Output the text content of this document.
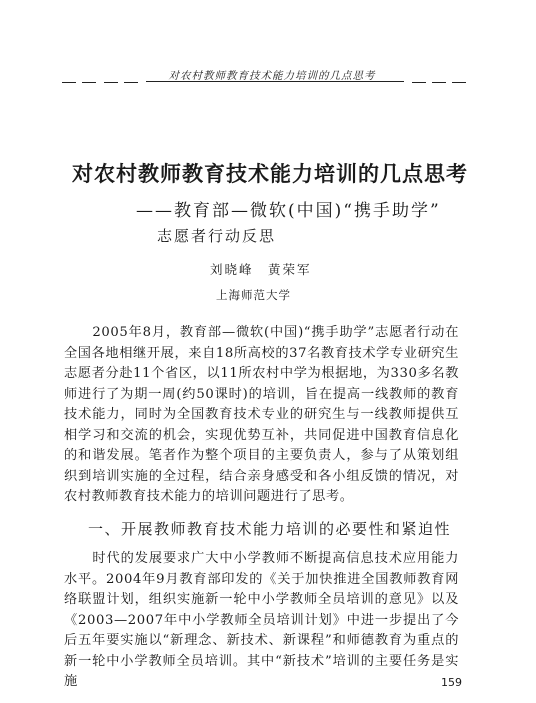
对农村教师教育技术能力培训的几点思考
对农村教师教育技术能力培训的几点思考
——教育部—微软(中国)“携手助学”
志愿者行动反思
刘晓峰　黄荣军
上海师范大学

2005年8月，教育部—微软(中国)“携手助学”志愿者行动在全国各地相继开展，来自18所高校的37名教育技术学专业研究生志愿者分赴11个省区，以11所农村中学为根据地，为330多名教师进行了为期一周(约50课时)的培训，旨在提高一线教师的教育技术能力，同时为全国教育技术专业的研究生与一线教师提供互相学习和交流的机会，实现优势互补，共同促进中国教育信息化的和谐发展。笔者作为整个项目的主要负责人，参与了从策划组织到培训实施的全过程，结合亲身感受和各小组反馈的情况，对农村教师教育技术能力的培训问题进行了思考。

一、开展教师教育技术能力培训的必要性和紧迫性

时代的发展要求广大中小学教师不断提高信息技术应用能力水平。2004年9月教育部印发的《关于加快推进全国教师教育网络联盟计划，组织实施新一轮中小学教师全员培训的意见》以及《2003—2007年中小学教师全员培训计划》中进一步提出了今后五年要实施以“新理念、新技术、新课程”和师德教育为重点的新一轮中小学教师全员培训。其中“新技术”培训的主要任务是实施	159
